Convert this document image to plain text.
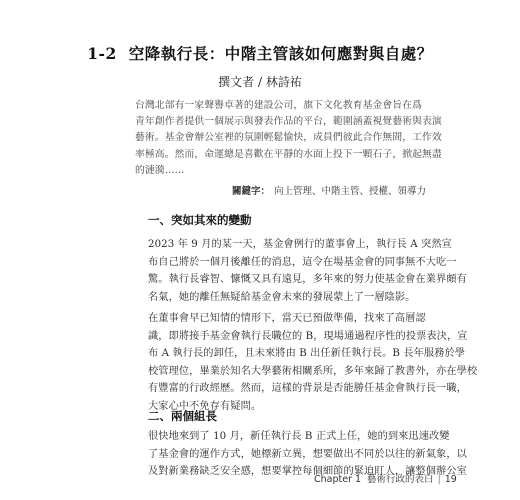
1-2 空降執行長：中階主管該如何應對與自處？
撰文者 / 林詩祐
台灣北部有一家聲譽卓著的建設公司，旗下文化教育基金會旨在爲
青年創作者提供一個展示與發表作品的平台，範圍涵蓋視覺藝術與表演
藝術。基金會辦公室裡的氛圍輕鬆愉快，成員們彼此合作無間，工作效
率極高。然而，命運總是喜歡在平靜的水面上投下一顆石子，掀起無盡
的漣漪……
關鍵字： 向上管理、中階主管、授權、領導力
一、突如其來的變動
2023 年 9 月的某一天，基金會例行的董事會上，執行長 A 突然宣
布自己將於一個月後離任的消息，這令在場基金會的同事無不大吃一
驚。執行長睿智、慷慨又具有遠見，多年來的努力使基金會在業界頗有
名氣，她的離任無疑給基金會未來的發展蒙上了一層陰影。
在董事會早已知情的情形下，當天已預做準備，找來了高層認
識，即將接手基金會執行長職位的 B，現場通過程序性的投票表決，宣
布 A 執行長的卸任，且未來將由 B 出任新任執行長。B 長年服務於學
校管理位，畢業於知名大學藝術相關系所，多年來歸了教書外，亦在學校
有豐富的行政經歷。然而，這樣的背景是否能勝任基金會執行長一職，
大家心中不免存有疑問。
二、兩個組長
很快地來到了 10 月，新任執行長 B 正式上任，她的到來迅速改變
了基金會的運作方式，她標新立異，想要做出不同於以往的新氣象，以
及對新業務缺乏安全感，想要掌控每個細節的緊迫盯人，讓整個辦公室
Chapter 1 藝術行政的表白 | 19
